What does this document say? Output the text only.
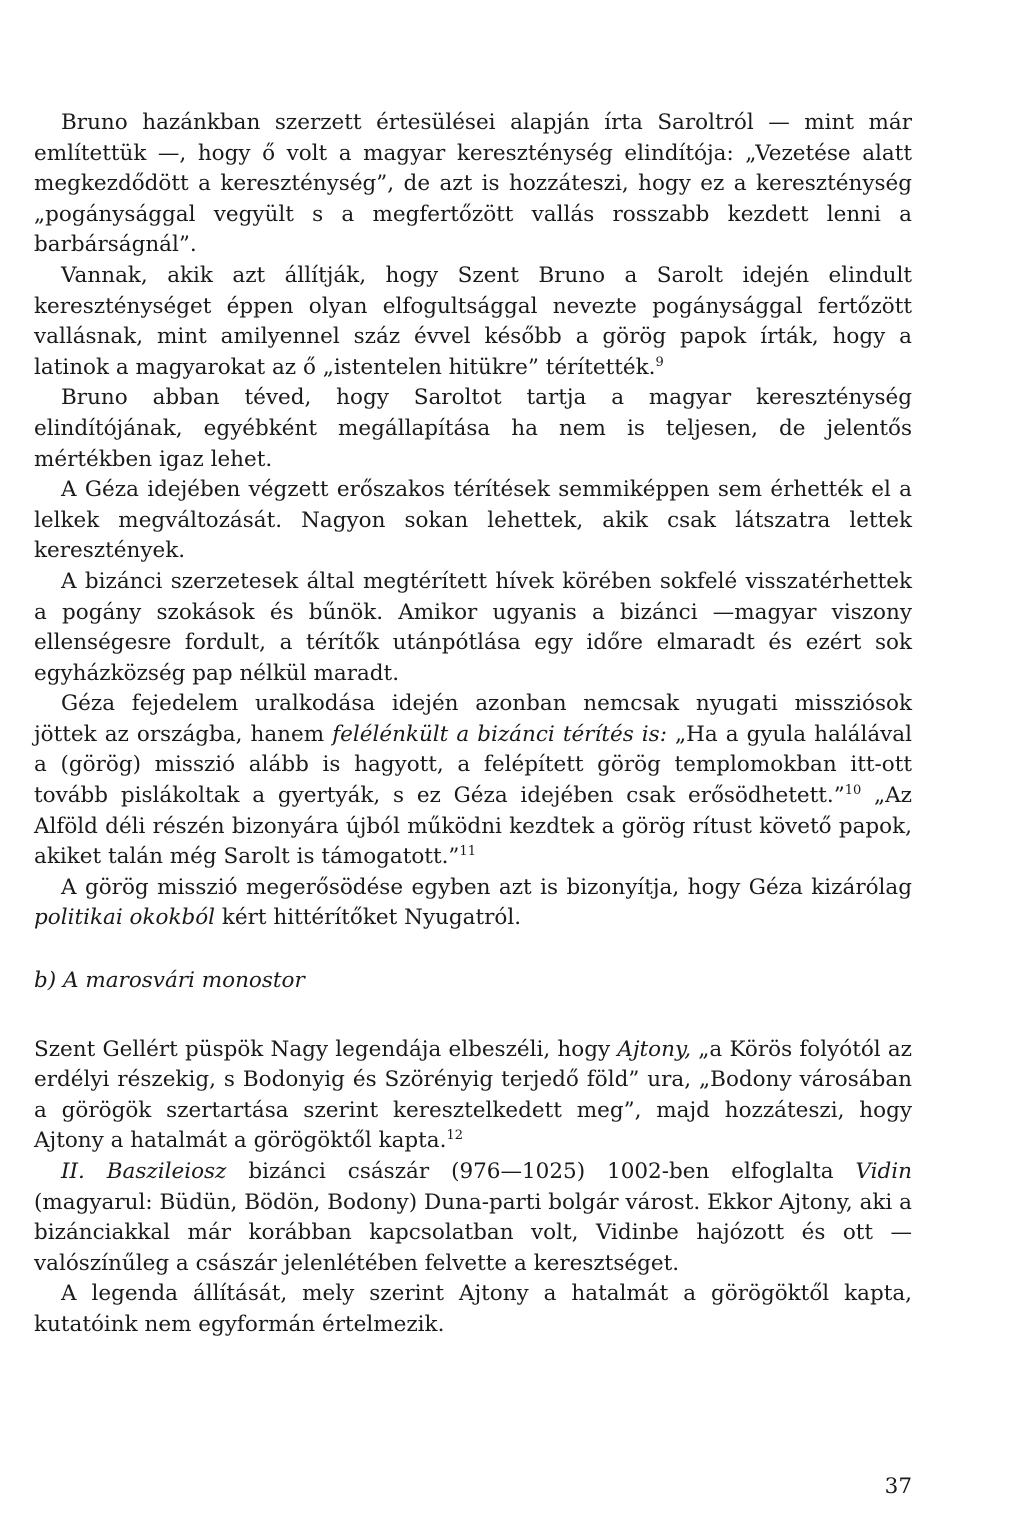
Bruno hazánkban szerzett értesülései alapján írta Saroltról — mint már említettük —, hogy ő volt a magyar kereszténység elindítója: „Vezetése alatt megkezdődött a kereszténység”, de azt is hozzáteszi, hogy ez a kereszténység „pogánysággal vegyült s a megfertőzött vallás rosszabb kezdett lenni a barbárságnál”.

Vannak, akik azt állítják, hogy Szent Bruno a Sarolt idején elindult kereszténységet éppen olyan elfogultsággal nevezte pogánysággal fertőzött vallásnak, mint amilyennel száz évvel később a görög papok írták, hogy a latinok a magyarokat az ő „istentelen hitükre” térítették.$^9$

Bruno abban téved, hogy Saroltot tartja a magyar kereszténység elindítójának, egyébként megállapítása ha nem is teljesen, de jelentős mértékben igaz lehet.

A Géza idejében végzett erőszakos térítések semmiképpen sem érhették el a lelkek megváltozását. Nagyon sokan lehettek, akik csak látszatra lettek keresztények.

A bizánci szerzetesek által megtérített hívek körében sokfelé visszatérhettek a pogány szokások és bűnök. Amikor ugyanis a bizánci —magyar viszony ellenségesre fordult, a térítők utánpótlása egy időre elmaradt és ezért sok egyházközség pap nélkül maradt.

Géza fejedelem uralkodása idején azonban nemcsak nyugati missziósok jöttek az országba, hanem felélénkült a bizánci térítés is: „Ha a gyula halálával a (görög) misszió alább is hagyott, a felépített görög templomokban itt-ott tovább pislákoltak a gyertyák, s ez Géza idejében csak erősödhetett.”$^{10}$ „Az Alföld déli részén bizonyára újból működni kezdtek a görög rítust követő papok, akiket talán még Sarolt is támogatott.”$^{11}$

A görög misszió megerősödése egyben azt is bizonyítja, hogy Géza kizárólag politikai okokból kért hittérítőket Nyugatról.

b) A marosvári monostor

Szent Gellért püspök Nagy legendája elbeszéli, hogy Ajtony, „a Körös folyótól az erdélyi részekig, s Bodonyig és Szörényig terjedő föld” ura, „Bodony városában a görögök szertartása szerint keresztelkedett meg”, majd hozzáteszi, hogy Ajtony a hatalmát a görögöktől kapta.$^{12}$

II. Baszileiosz bizánci császár (976—1025) 1002-ben elfoglalta Vidin (magyarul: Büdün, Bödön, Bodony) Duna-parti bolgár várost. Ekkor Ajtony, aki a bizánciakkal már korábban kapcsolatban volt, Vidinbe hajózott és ott — valószínűleg a császár jelenlétében felvette a keresztséget.

A legenda állítását, mely szerint Ajtony a hatalmát a görögöktől kapta, kutatóink nem egyformán értelmezik.

37
